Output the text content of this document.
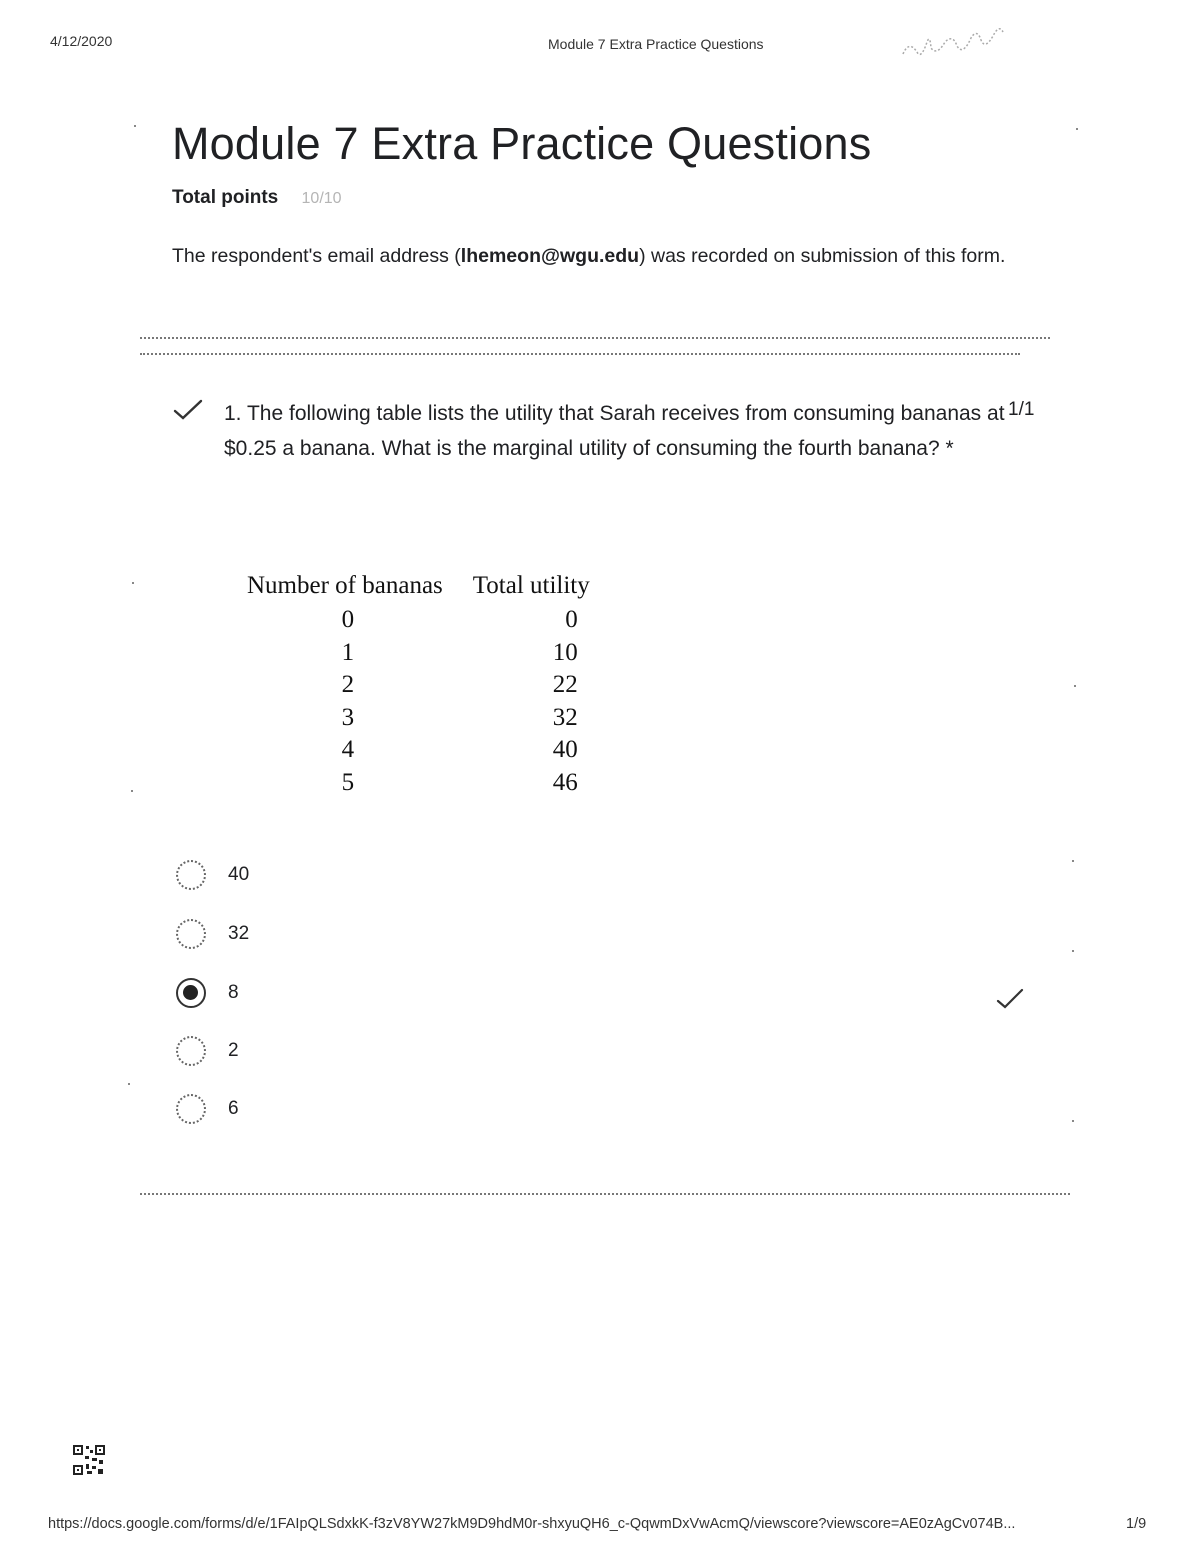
4/12/2020	Module 7 Extra Practice Questions
Module 7 Extra Practice Questions
Total points 10/10
The respondent's email address (lhemeon@wgu.edu) was recorded on submission of this form.
1. The following table lists the utility that Sarah receives from consuming bananas at $0.25 a banana. What is the marginal utility of consuming the fourth banana? *
1/1
Number of bananas	Total utility
0	0
1	10
2	22
3	32
4	40
5	46
40
32
8
2
6
https://docs.google.com/forms/d/e/1FAIpQLSdxkK-f3zV8YW27kM9D9hdM0r-shxyuQH6_c-QqwmDxVwAcmQ/viewscore?viewscore=AE0zAgCv074B...	1/9
